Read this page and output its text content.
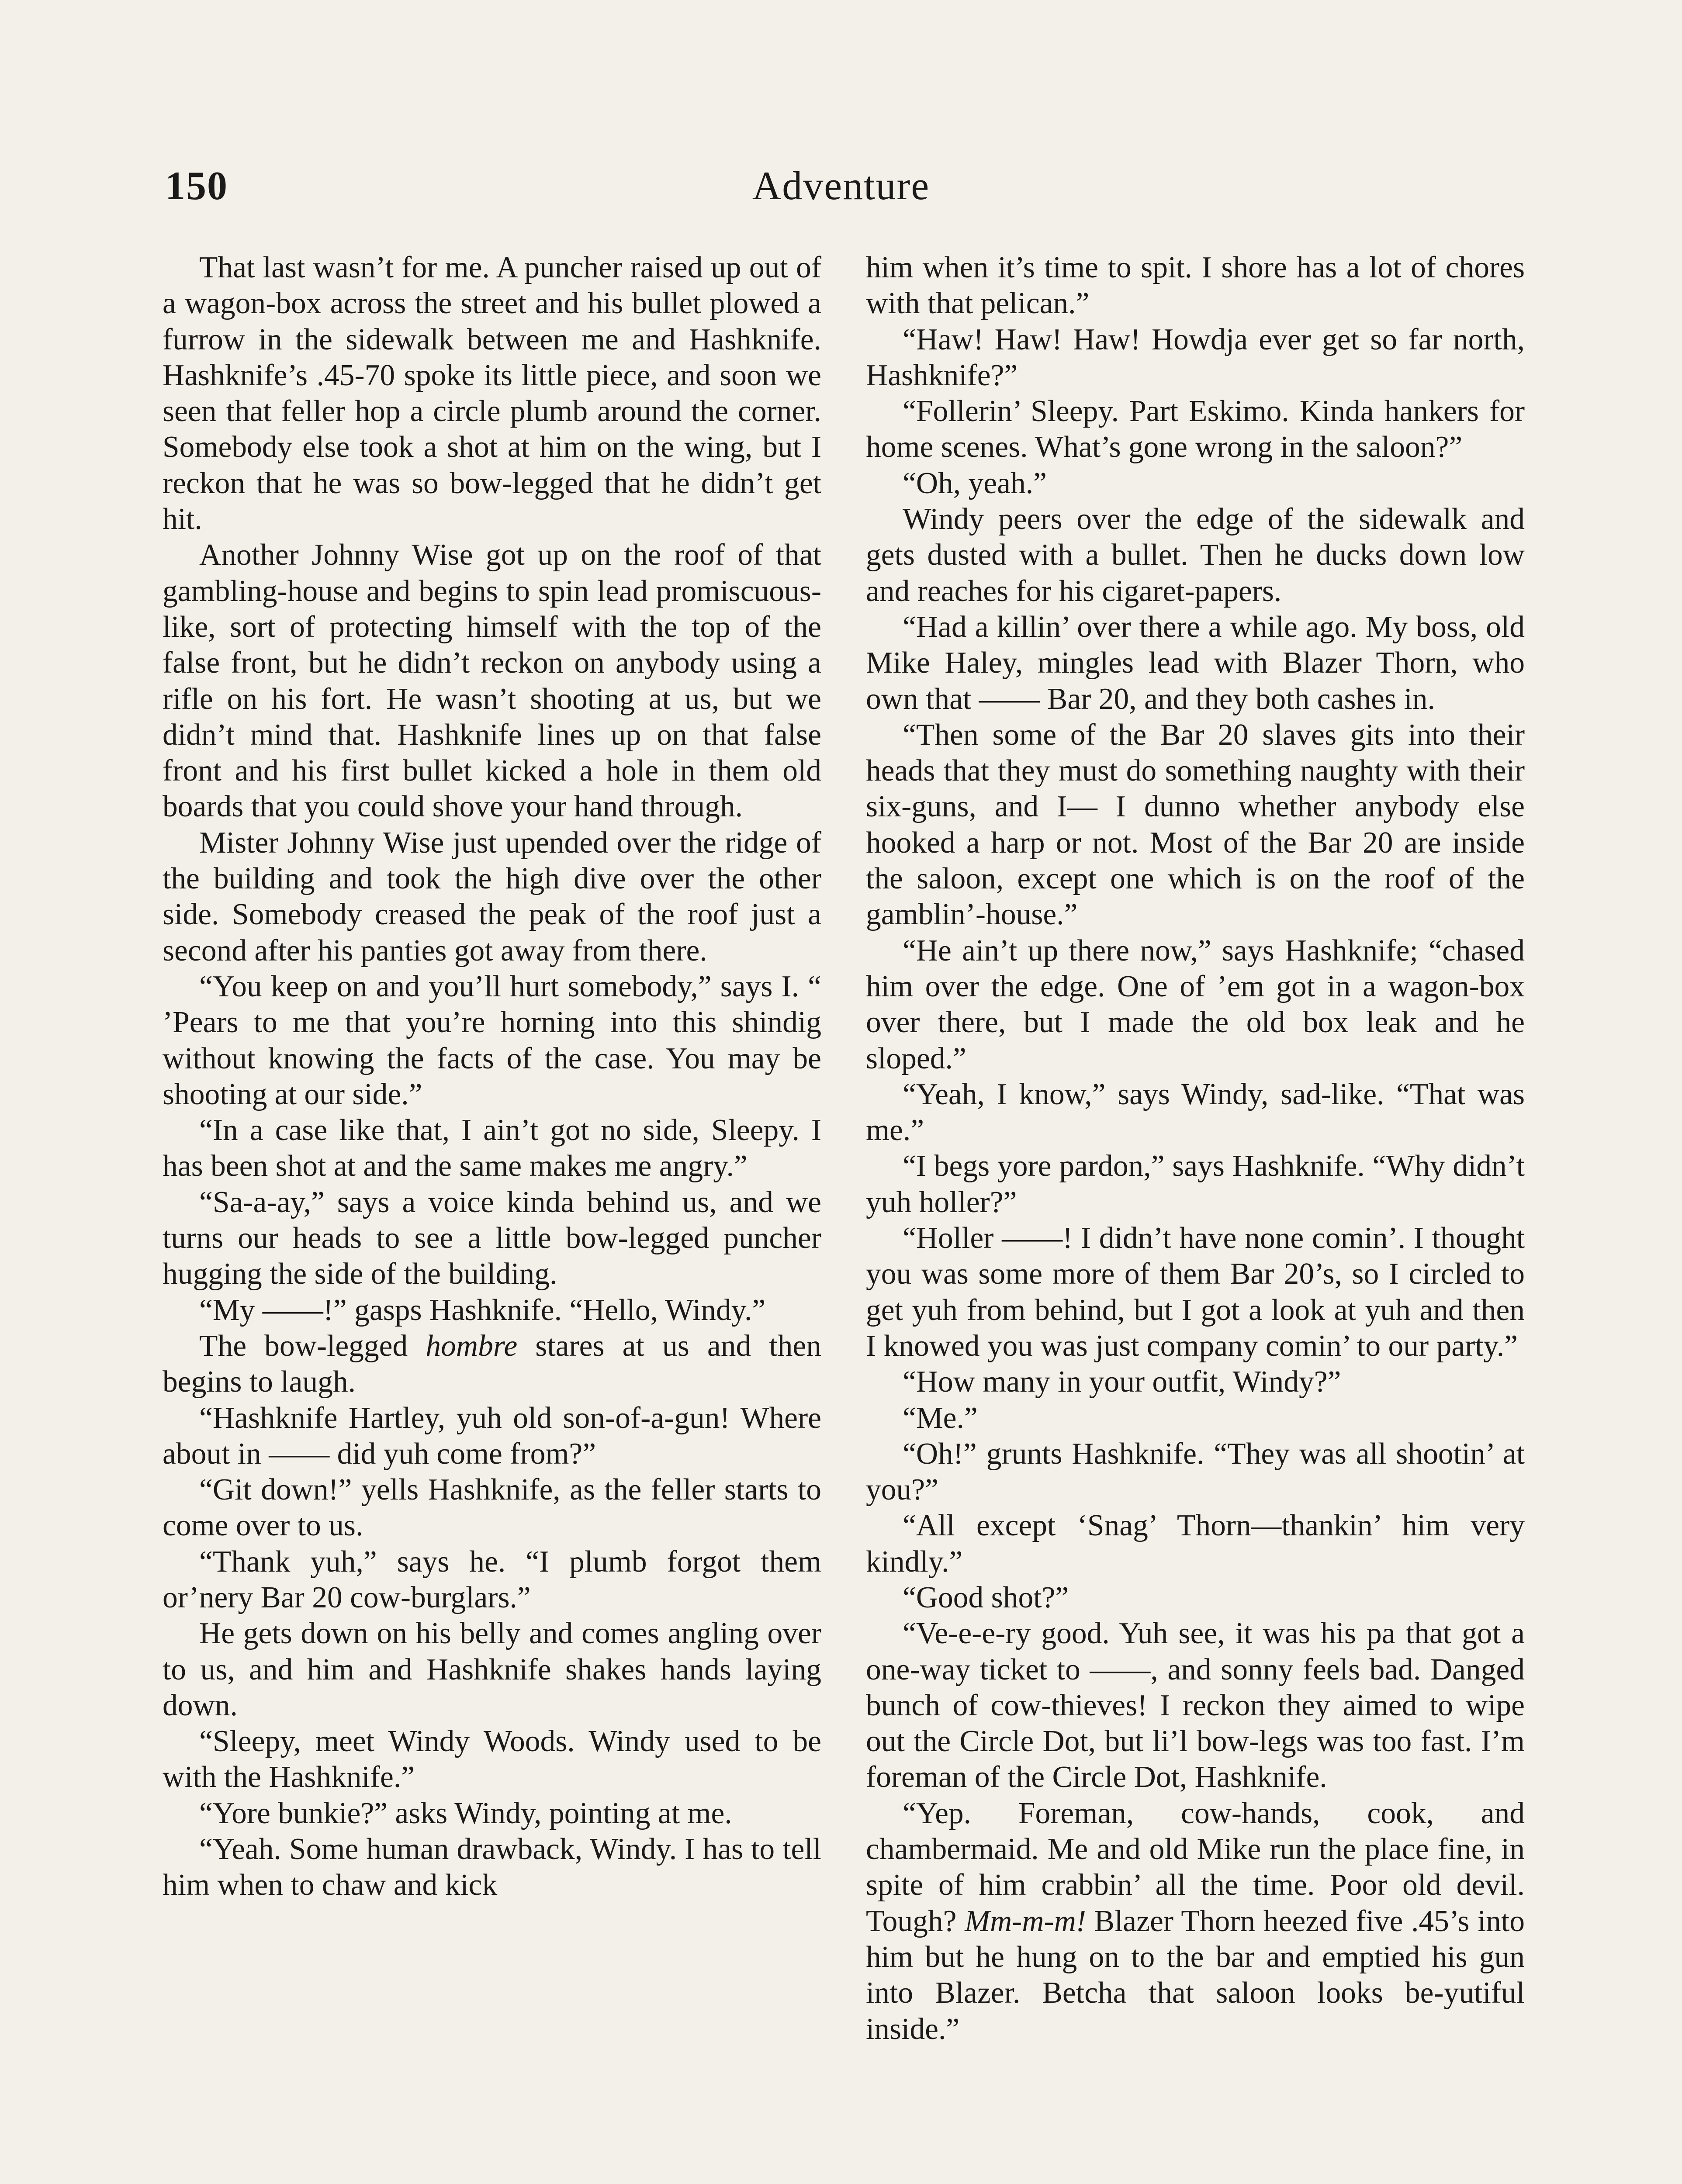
150	Adventure

That last wasn’t for me. A puncher raised up out of a wagon-box across the street and his bullet plowed a furrow in the sidewalk between me and Hashknife. Hashknife’s .45-70 spoke its little piece, and soon we seen that feller hop a circle plumb around the corner. Somebody else took a shot at him on the wing, but I reckon that he was so bow-legged that he didn’t get hit.

Another Johnny Wise got up on the roof of that gambling-house and begins to spin lead promiscuous-like, sort of protecting himself with the top of the false front, but he didn’t reckon on anybody using a rifle on his fort. He wasn’t shooting at us, but we didn’t mind that. Hashknife lines up on that false front and his first bullet kicked a hole in them old boards that you could shove your hand through.

Mister Johnny Wise just upended over the ridge of the building and took the high dive over the other side. Somebody creased the peak of the roof just a second after his panties got away from there.

“You keep on and you’ll hurt somebody,” says I. “ ’Pears to me that you’re horning into this shindig without knowing the facts of the case. You may be shooting at our side.”

“In a case like that, I ain’t got no side, Sleepy. I has been shot at and the same makes me angry.”

“Sa-a-ay,” says a voice kinda behind us, and we turns our heads to see a little bow-legged puncher hugging the side of the building.

“My ——!” gasps Hashknife. “Hello, Windy.”

The bow-legged hombre stares at us and then begins to laugh.

“Hashknife Hartley, yuh old son-of-a-gun! Where about in —— did yuh come from?”

“Git down!” yells Hashknife, as the feller starts to come over to us.

“Thank yuh,” says he. “I plumb forgot them or’nery Bar 20 cow-burglars.”

He gets down on his belly and comes angling over to us, and him and Hashknife shakes hands laying down.

“Sleepy, meet Windy Woods. Windy used to be with the Hashknife.”

“Yore bunkie?” asks Windy, pointing at me.

“Yeah. Some human drawback, Windy. I has to tell him when to chaw and kick

him when it’s time to spit. I shore has a lot of chores with that pelican.”

“Haw! Haw! Haw! Howdja ever get so far north, Hashknife?”

“Follerin’ Sleepy. Part Eskimo. Kinda hankers for home scenes. What’s gone wrong in the saloon?”

“Oh, yeah.”

Windy peers over the edge of the sidewalk and gets dusted with a bullet. Then he ducks down low and reaches for his cigaret-papers.

“Had a killin’ over there a while ago. My boss, old Mike Haley, mingles lead with Blazer Thorn, who own that —— Bar 20, and they both cashes in.

“Then some of the Bar 20 slaves gits into their heads that they must do something naughty with their six-guns, and I— I dunno whether anybody else hooked a harp or not. Most of the Bar 20 are inside the saloon, except one which is on the roof of the gamblin’-house.”

“He ain’t up there now,” says Hashknife; “chased him over the edge. One of ’em got in a wagon-box over there, but I made the old box leak and he sloped.”

“Yeah, I know,” says Windy, sad-like. “That was me.”

“I begs yore pardon,” says Hashknife. “Why didn’t yuh holler?”

“Holler ——! I didn’t have none comin’. I thought you was some more of them Bar 20’s, so I circled to get yuh from behind, but I got a look at yuh and then I knowed you was just company comin’ to our party.”

“How many in your outfit, Windy?”

“Me.”

“Oh!” grunts Hashknife. “They was all shootin’ at you?”

“All except ‘Snag’ Thorn—thankin’ him very kindly.”

“Good shot?”

“Ve-e-e-ry good. Yuh see, it was his pa that got a one-way ticket to ——, and sonny feels bad. Danged bunch of cow-thieves! I reckon they aimed to wipe out the Circle Dot, but li’l bow-legs was too fast. I’m foreman of the Circle Dot, Hashknife.

“Yep. Foreman, cow-hands, cook, and chambermaid. Me and old Mike run the place fine, in spite of him crabbin’ all the time. Poor old devil. Tough? Mm-m-m! Blazer Thorn heezed five .45’s into him but he hung on to the bar and emptied his gun into Blazer. Betcha that saloon looks be-yutiful inside.”
